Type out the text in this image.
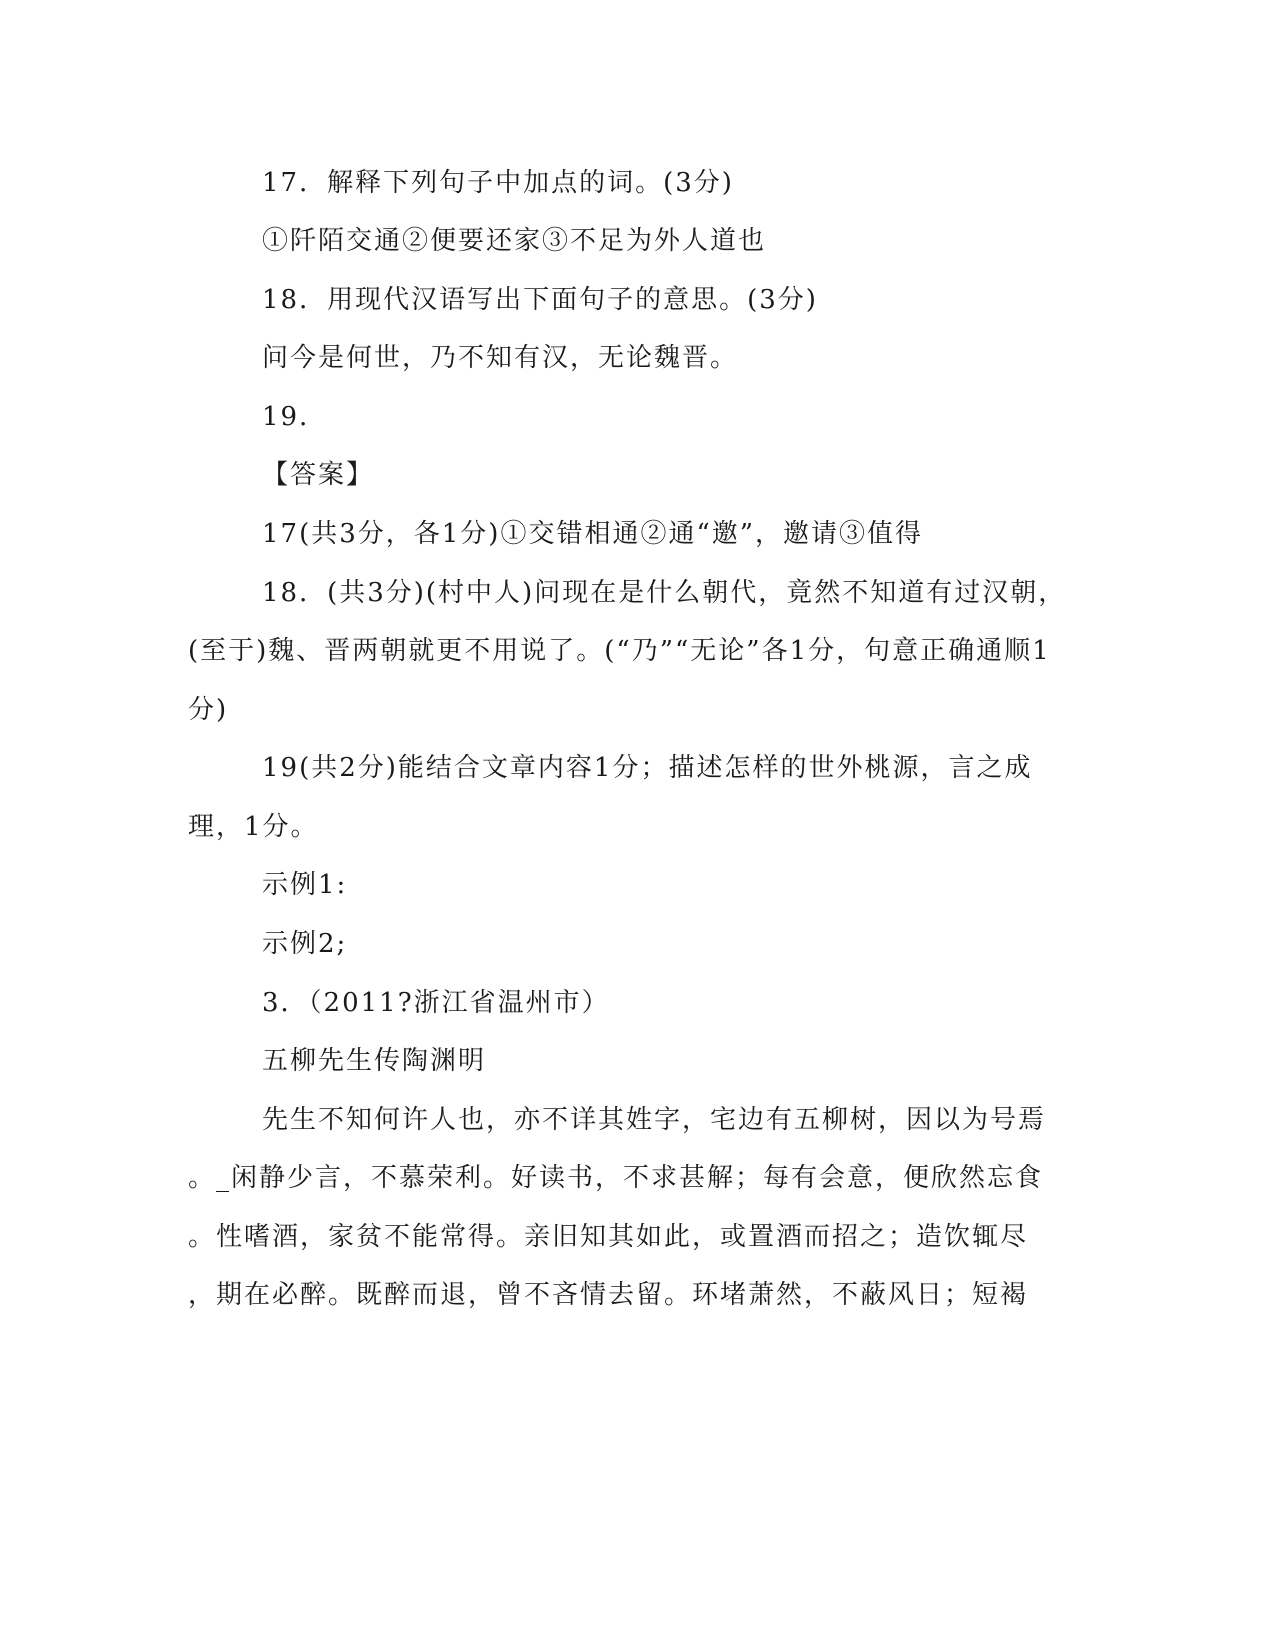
17．解释下列句子中加点的词。(3分)
①阡陌交通②便要还家③不足为外人道也
18．用现代汉语写出下面句子的意思。(3分)
问今是何世，乃不知有汉，无论魏晋。
19．
【答案】
17(共3分，各1分)①交错相通②通“邀”，邀请③值得
18．(共3分)(村中人)问现在是什么朝代，竟然不知道有过汉朝，
(至于)魏、晋两朝就更不用说了。(“乃”“无论”各1分，句意正确通顺1
分)
19(共2分)能结合文章内容1分；描述怎样的世外桃源，言之成
理，1分。
示例1:
示例2;
3．（2011?浙江省温州市）
五柳先生传陶渊明
先生不知何许人也，亦不详其姓字，宅边有五柳树，因以为号焉
。_闲静少言，不慕荣利。好读书，不求甚解；每有会意，便欣然忘食
。性嗜酒，家贫不能常得。亲旧知其如此，或置酒而招之；造饮辄尽
，期在必醉。既醉而退，曾不吝情去留。环堵萧然，不蔽风日；短褐
